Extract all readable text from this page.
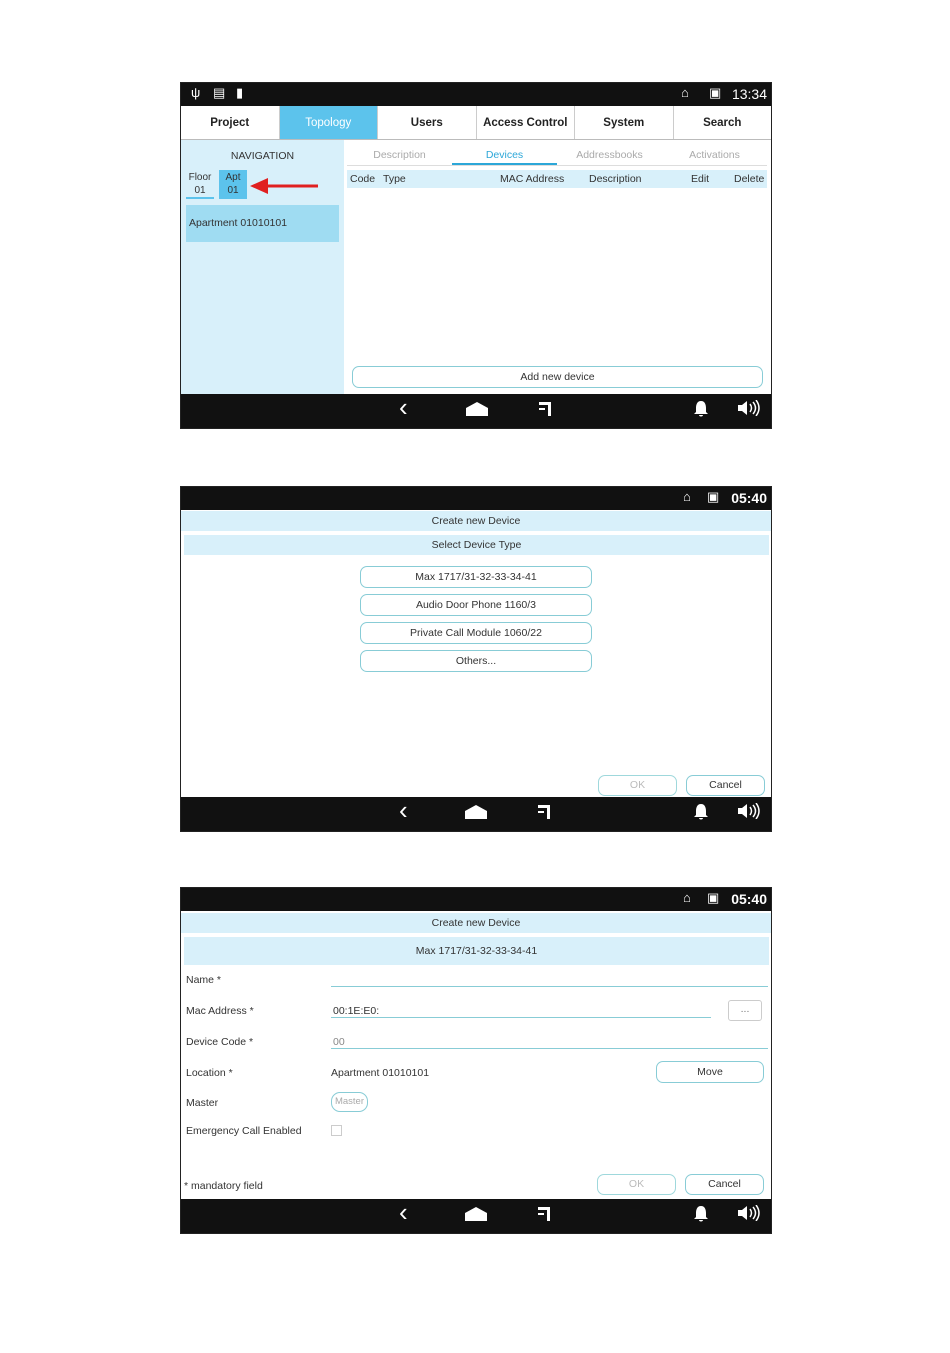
ψ ▤ ▮	⌂ ▣ 13:34
Project	Topology	Users	Access Control	System	Search
NAVIGATION
Floor
01
Apt
01
Apartment 01010101
Description	Devices	Addressbooks	Activations
Code Type	MAC Address Description	Edit Delete
Add new device
‹
⌂ ▣ 05:40
Create new Device
Select Device Type
Max 1717/31-32-33-34-41
Audio Door Phone 1160/3
Private Call Module 1060/22
Others...
OK	Cancel
‹
⌂ ▣ 05:40
Create new Device
Max 1717/31-32-33-34-41
Name *
Mac Address *	00:1E:E0:	...
Device Code *	00
Location *	Apartment 01010101	Move
Master	Master
Emergency Call Enabled
* mandatory field	OK	Cancel
‹
